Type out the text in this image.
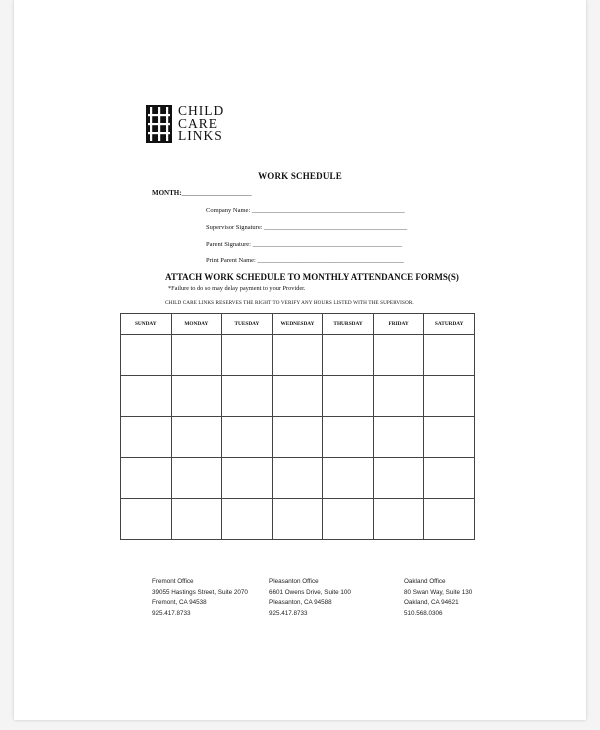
CHILD
CARE
LINKS
WORK SCHEDULE
MONTH:____________________
Company Name: _______________________________________________
Supervisor Signature: ____________________________________________
Parent Signature: ______________________________________________
Print Parent Name: _____________________________________________
ATTACH WORK SCHEDULE TO MONTHLY ATTENDANCE FORMS(S)
*Failure to do so may delay payment to your Provider.
CHILD CARE LINKS RESERVES THE RIGHT TO VERIFY ANY HOURS LISTED WITH THE SUPERVISOR.
SUNDAY	MONDAY	TUESDAY	WEDNESDAY	THURSDAY	FRIDAY	SATURDAY

Fremont Office
39055 Hastings Street, Suite 2070
Fremont, CA 94538
925.417.8733
Pleasanton Office
6601 Owens Drive, Suite 100
Pleasanton, CA 94588
925.417.8733
Oakland Office
80 Swan Way, Suite 130
Oakland, CA 94621
510.568.0306
